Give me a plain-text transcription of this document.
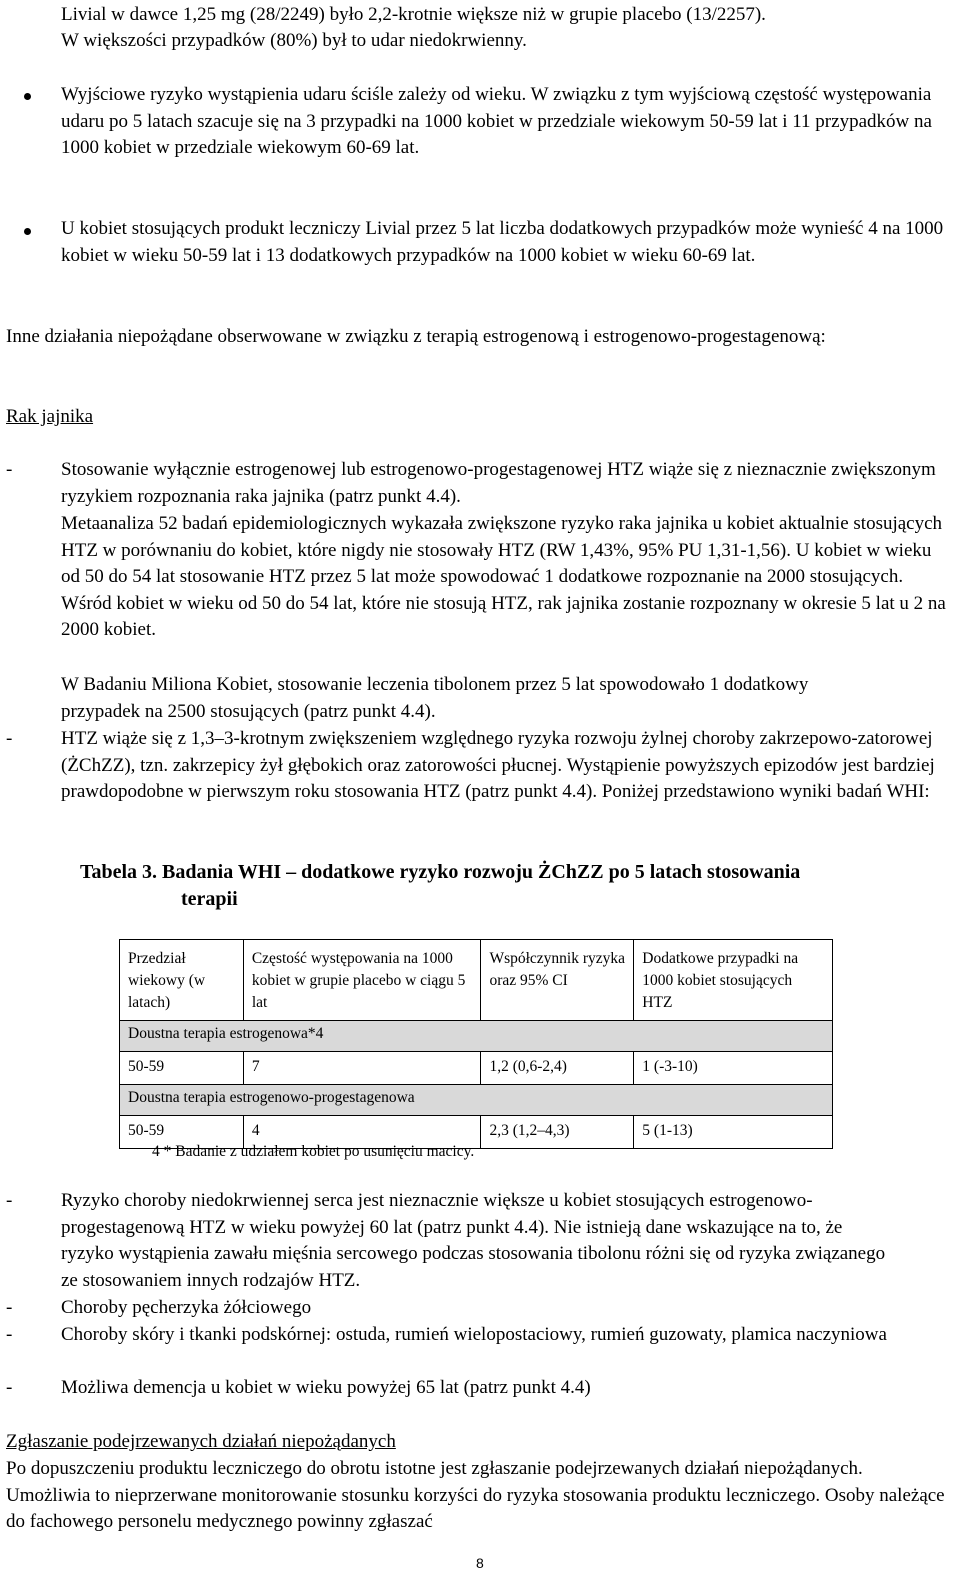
Livial w dawce 1,25 mg (28/2249) było 2,2-krotnie większe niż w grupie placebo (13/2257).

W większości przypadków (80%) był to udar niedokrwienny.

Wyjściowe ryzyko wystąpienia udaru ściśle zależy od wieku. W związku z tym wyjściową częstość występowania udaru po 5 latach szacuje się na 3 przypadki na 1000 kobiet w przedziale wiekowym 50-59 lat i 11 przypadków na 1000 kobiet w przedziale wiekowym 60-69 lat.

U kobiet stosujących produkt leczniczy Livial przez 5 lat liczba dodatkowych przypadków może wynieść 4 na 1000 kobiet w wieku 50-59 lat i 13 dodatkowych przypadków na 1000 kobiet w wieku 60-69 lat.

Inne działania niepożądane obserwowane w związku z terapią estrogenową i estrogenowo-progestagenową:

Rak jajnika

-	Stosowanie wyłącznie estrogenowej lub estrogenowo-progestagenowej HTZ wiąże się z nieznacznie zwiększonym ryzykiem rozpoznania raka jajnika (patrz punkt 4.4).

Metaanaliza 52 badań epidemiologicznych wykazała zwiększone ryzyko raka jajnika u kobiet aktualnie stosujących HTZ w porównaniu do kobiet, które nigdy nie stosowały HTZ (RW 1,43%, 95% PU 1,31-1,56). U kobiet w wieku od 50 do 54 lat stosowanie HTZ przez 5 lat może spowodować 1 dodatkowe rozpoznanie na 2000 stosujących. Wśród kobiet w wieku od 50 do 54 lat, które nie stosują HTZ, rak jajnika zostanie rozpoznany w okresie 5 lat u 2 na 2000 kobiet.

W Badaniu Miliona Kobiet, stosowanie leczenia tibolonem przez 5 lat spowodowało 1 dodatkowy przypadek na 2500 stosujących (patrz punkt 4.4).

-	HTZ wiąże się z 1,3–3-krotnym zwiększeniem względnego ryzyka rozwoju żylnej choroby zakrzepowo-zatorowej (ŻChZZ), tzn. zakrzepicy żył głębokich oraz zatorowości płucnej. Wystąpienie powyższych epizodów jest bardziej prawdopodobne w pierwszym roku stosowania HTZ (patrz punkt 4.4). Poniżej przedstawiono wyniki badań WHI:

Tabela 3. Badania WHI – dodatkowe ryzyko rozwoju ŻChZZ po 5 latach stosowania
terapii
Przedział wiekowy (w latach)	Częstość występowania na 1000 kobiet w grupie placebo w ciągu 5 lat	Współczynnik ryzyka oraz 95% CI	Dodatkowe przypadki na 1000 kobiet stosujących HTZ
Doustna terapia estrogenowa*4			
50-59	7	1,2 (0,6-2,4)	1 (-3-10)
Doustna terapia estrogenowo-progestagenowa			
50-59	4	2,3 (1,2–4,3)	5 (1-13)

4 * Badanie z udziałem kobiet po usunięciu macicy.

-	Ryzyko choroby niedokrwiennej serca jest nieznacznie większe u kobiet stosujących estrogenowo-progestagenową HTZ w wieku powyżej 60 lat (patrz punkt 4.4). Nie istnieją dane wskazujące na to, że ryzyko wystąpienia zawału mięśnia sercowego podczas stosowania tibolonu różni się od ryzyka związanego ze stosowaniem innych rodzajów HTZ.

-	Choroby pęcherzyka żółciowego

-	Choroby skóry i tkanki podskórnej: ostuda, rumień wielopostaciowy, rumień guzowaty, plamica naczyniowa

-	Możliwa demencja u kobiet w wieku powyżej 65 lat (patrz punkt 4.4)

Zgłaszanie podejrzewanych działań niepożądanych

Po dopuszczeniu produktu leczniczego do obrotu istotne jest zgłaszanie podejrzewanych działań niepożądanych. Umożliwia to nieprzerwane monitorowanie stosunku korzyści do ryzyka stosowania produktu leczniczego. Osoby należące do fachowego personelu medycznego powinny zgłaszać

8
